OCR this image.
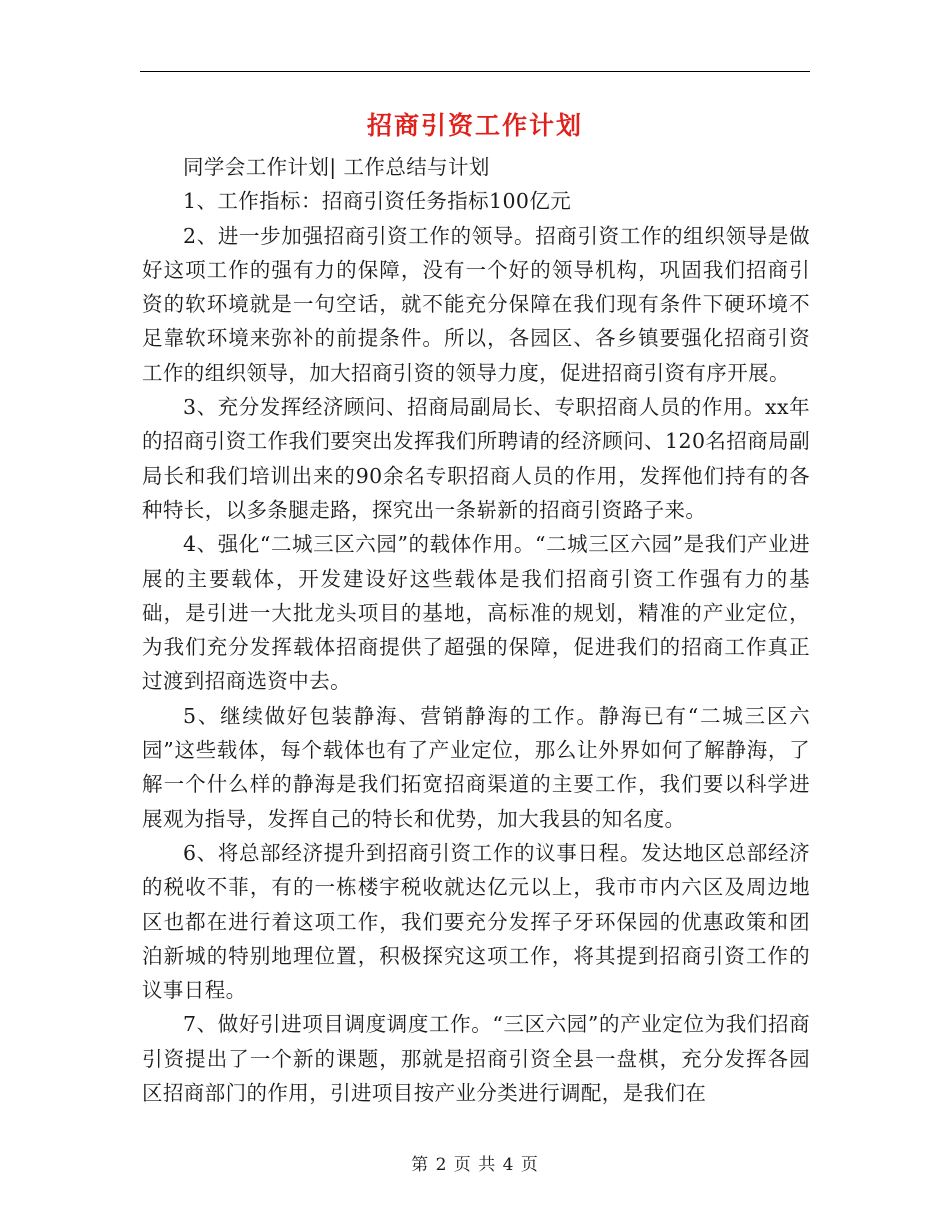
招商引资工作计划

同学会工作计划| 工作总结与计划

1、工作指标：招商引资任务指标100亿元

2、进一步加强招商引资工作的领导。招商引资工作的组织领导是做好这项工作的强有力的保障，没有一个好的领导机构，巩固我们招商引资的软环境就是一句空话，就不能充分保障在我们现有条件下硬环境不足靠软环境来弥补的前提条件。所以，各园区、各乡镇要强化招商引资工作的组织领导，加大招商引资的领导力度，促进招商引资有序开展。

3、充分发挥经济顾问、招商局副局长、专职招商人员的作用。xx年的招商引资工作我们要突出发挥我们所聘请的经济顾问、120名招商局副局长和我们培训出来的90余名专职招商人员的作用，发挥他们持有的各种特长，以多条腿走路，探究出一条崭新的招商引资路子来。

4、强化“二城三区六园”的载体作用。“二城三区六园”是我们产业进展的主要载体，开发建设好这些载体是我们招商引资工作强有力的基础，是引进一大批龙头项目的基地，高标准的规划，精准的产业定位，为我们充分发挥载体招商提供了超强的保障，促进我们的招商工作真正过渡到招商选资中去。

5、继续做好包装静海、营销静海的工作。静海已有“二城三区六园”这些载体，每个载体也有了产业定位，那么让外界如何了解静海，了解一个什么样的静海是我们拓宽招商渠道的主要工作，我们要以科学进展观为指导，发挥自己的特长和优势，加大我县的知名度。

6、将总部经济提升到招商引资工作的议事日程。发达地区总部经济的税收不菲，有的一栋楼宇税收就达亿元以上，我市市内六区及周边地区也都在进行着这项工作，我们要充分发挥子牙环保园的优惠政策和团泊新城的特别地理位置，积极探究这项工作，将其提到招商引资工作的议事日程。

7、做好引进项目调度调度工作。“三区六园”的产业定位为我们招商引资提出了一个新的课题，那就是招商引资全县一盘棋，充分发挥各园区招商部门的作用，引进项目按产业分类进行调配，是我们在

第 2 页 共 4 页
